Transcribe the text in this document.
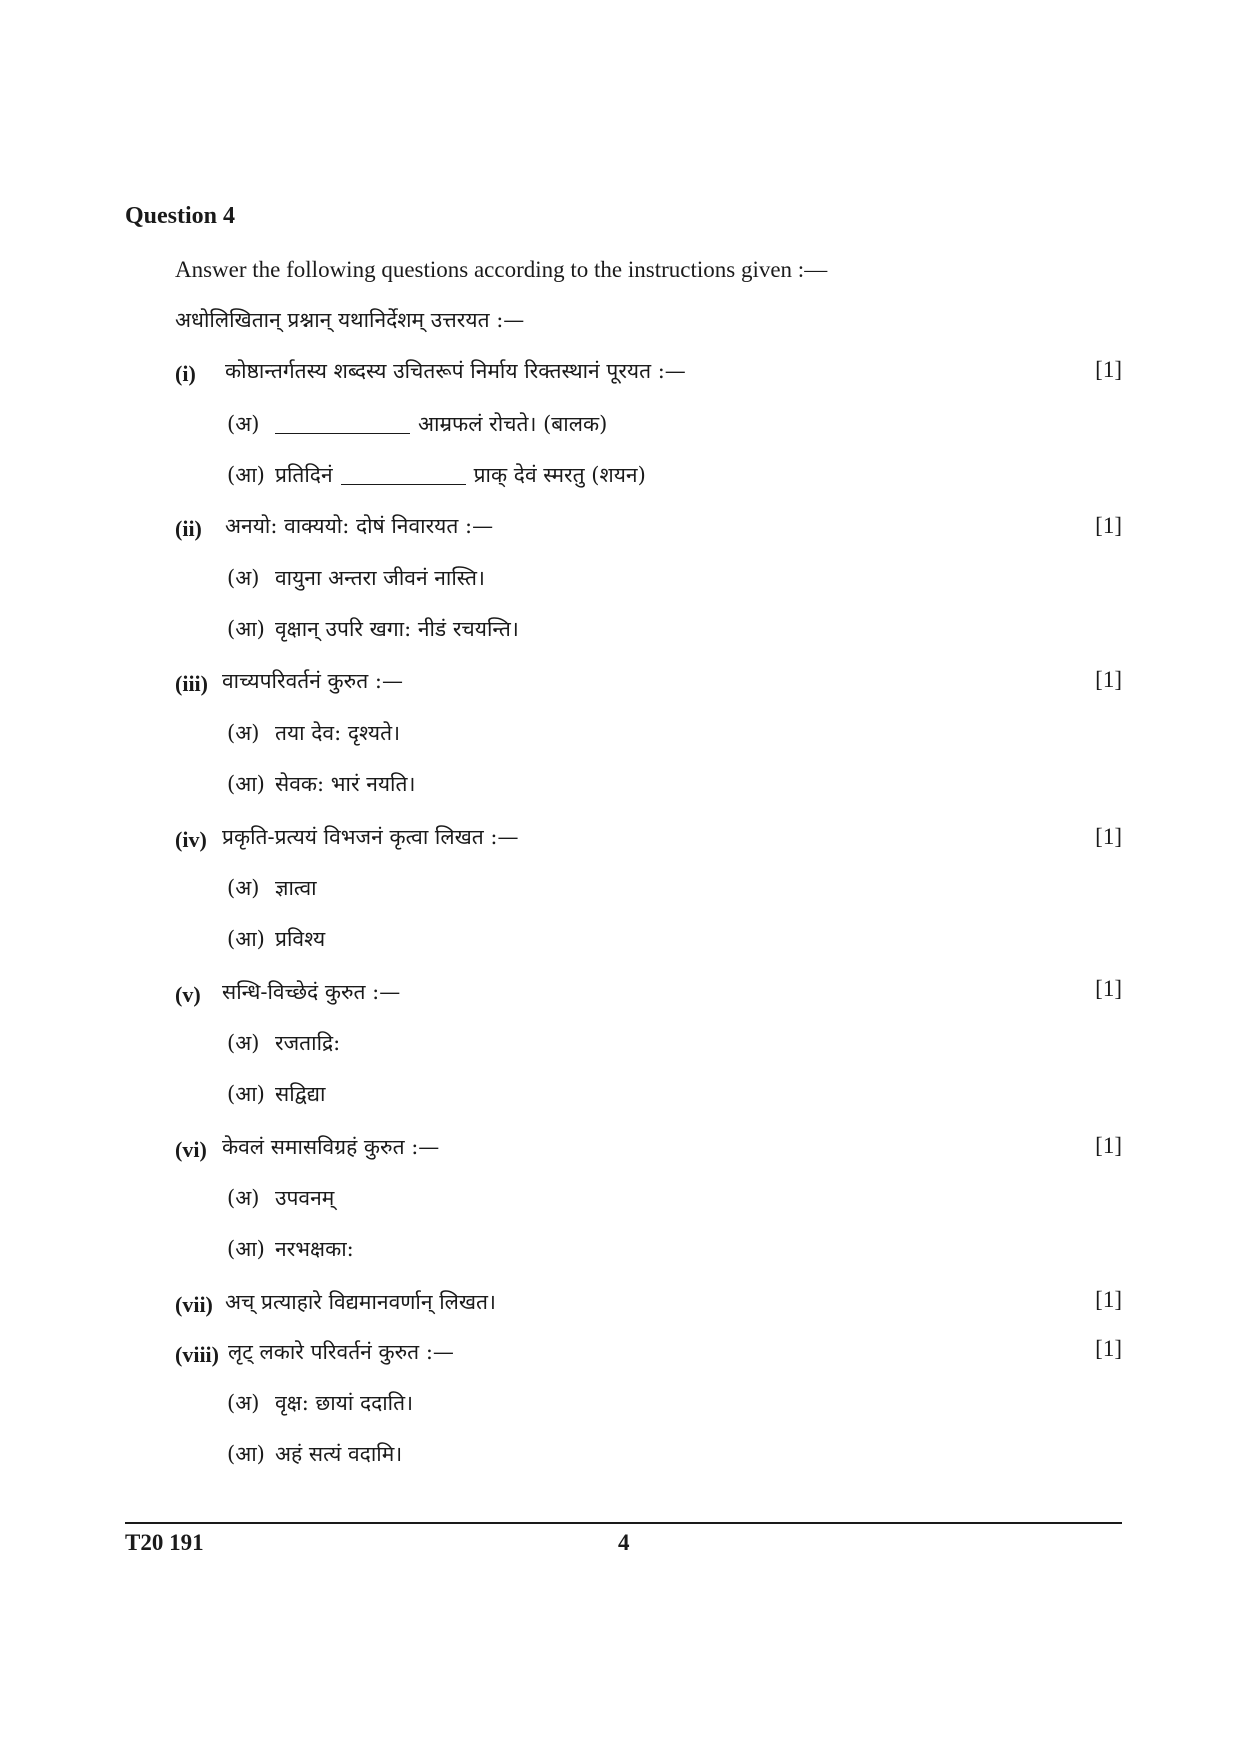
Question 4
Answer the following questions according to the instructions given :—
अधोलिखितान् प्रश्नान् यथानिर्देशम् उत्तरयत :—
(i) कोष्ठान्तर्गतस्य शब्दस्य उचितरूपं निर्माय रिक्तस्थानं पूरयत :—	[1]
(अ)	आम्रफलं रोचते। (बालक)
(आ) प्रतिदिनं	प्राक् देवं स्मरतु (शयन)
(ii) अनयो: वाक्ययो: दोषं निवारयत :—	[1]
(अ) वायुना अन्तरा जीवनं नास्ति।
(आ) वृक्षान् उपरि खगा: नीडं रचयन्ति।
(iii) वाच्यपरिवर्तनं कुरुत :—	[1]
(अ) तया देव: दृश्यते।
(आ) सेवक: भारं नयति।
(iv) प्रकृति-प्रत्ययं विभजनं कृत्वा लिखत :—	[1]
(अ) ज्ञात्वा
(आ) प्रविश्य
(v) सन्धि-विच्छेदं कुरुत :—	[1]
(अ) रजताद्रि:
(आ) सद्विद्या
(vi) केवलं समासविग्रहं कुरुत :—	[1]
(अ) उपवनम्
(आ) नरभक्षका:
(vii) अच् प्रत्याहारे विद्यमानवर्णान् लिखत।	[1]
(viii) लृट् लकारे परिवर्तनं कुरुत :—	[1]
(अ) वृक्ष: छायां ददाति।
(आ) अहं सत्यं वदामि।
T20 191	4
